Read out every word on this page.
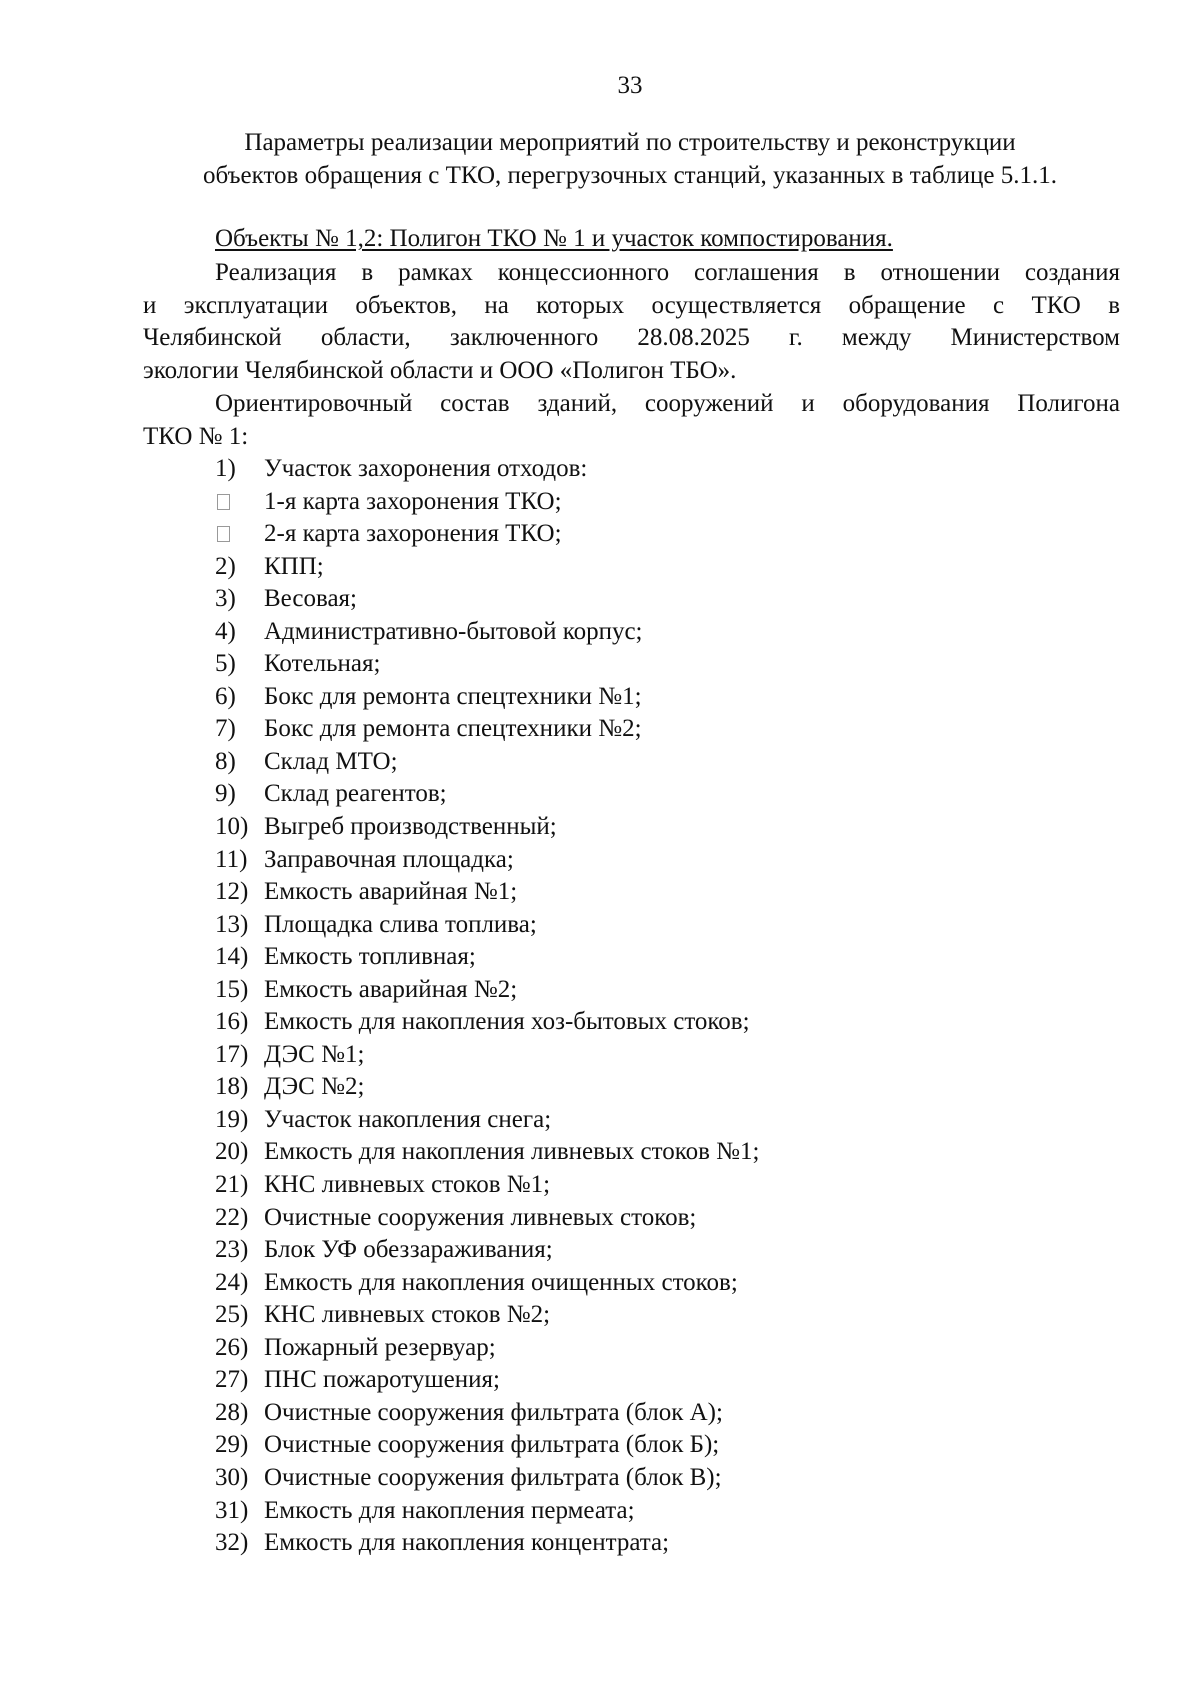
33
Параметры реализации мероприятий по строительству и реконструкции
объектов обращения с ТКО, перегрузочных станций, указанных в таблице 5.1.1.
Объекты № 1,2: Полигон ТКО № 1 и участок компостирования.
Реализация в рамках концессионного соглашения в отношении создания
и эксплуатации объектов, на которых осуществляется обращение с ТКО в
Челябинской области, заключенного 28.08.2025 г. между Министерством
экологии Челябинской области и ООО «Полигон ТБО».
Ориентировочный состав зданий, сооружений и оборудования Полигона
ТКО № 1:
1) Участок захоронения отходов:
1-я карта захоронения ТКО;
2-я карта захоронения ТКО;
2) КПП;
3) Весовая;
4) Административно-бытовой корпус;
5) Котельная;
6) Бокс для ремонта спецтехники №1;
7) Бокс для ремонта спецтехники №2;
8) Склад МТО;
9) Склад реагентов;
10) Выгреб производственный;
11) Заправочная площадка;
12) Емкость аварийная №1;
13) Площадка слива топлива;
14) Емкость топливная;
15) Емкость аварийная №2;
16) Емкость для накопления хоз-бытовых стоков;
17) ДЭС №1;
18) ДЭС №2;
19) Участок накопления снега;
20) Емкость для накопления ливневых стоков №1;
21) КНС ливневых стоков №1;
22) Очистные сооружения ливневых стоков;
23) Блок УФ обеззараживания;
24) Емкость для накопления очищенных стоков;
25) КНС ливневых стоков №2;
26) Пожарный резервуар;
27) ПНС пожаротушения;
28) Очистные сооружения фильтрата (блок А);
29) Очистные сооружения фильтрата (блок Б);
30) Очистные сооружения фильтрата (блок В);
31) Емкость для накопления пермеата;
32) Емкость для накопления концентрата;
